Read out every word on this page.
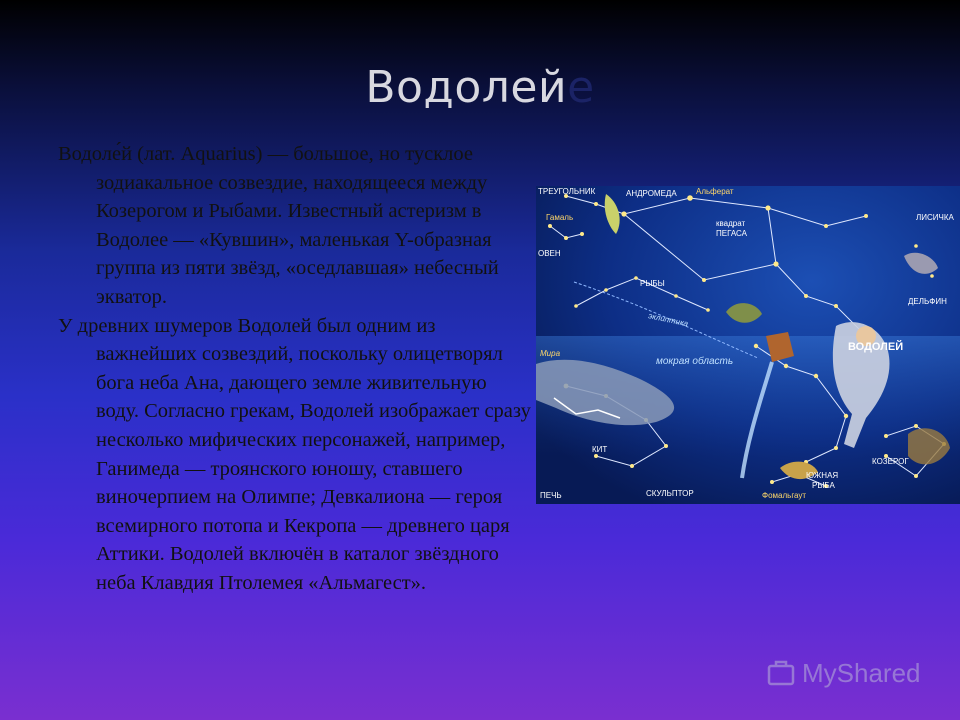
Водолейе

Водоле́й (лат. Aquarius) — большое, но тусклое зодиакальное созвездие, находящееся между Козерогом и Рыбами. Известный астеризм в Водолее — «Кувшин», маленькая Y-образная группа из пяти звёзд, «оседлавшая» небесный экватор.

У древних шумеров Водолей был одним из важнейших созвездий, поскольку олицетворял бога неба Ана, дающего земле живительную воду. Согласно грекам, Водолей изображает сразу несколько мифических персонажей, например, Ганимеда — троянского юношу, ставшего виночерпием на Олимпе; Девкалиона — героя всемирного потопа и Кекропа — древнего царя Аттики. Водолей включён в каталог звёздного неба Клавдия Птолемея «Альмагест».

ТРЕУГОЛЬНИК	АНДРОМЕДА Альферат
Гамаль
квадрат
ПЕГАСА
ЛИСИЧКА
ОВЕН
РЫБЫ
ДЕЛЬФИН
эклиптика
ВОДОЛЕЙ
Мира
мокрая область
КИТ
КОЗЕРОГ
ЮЖНАЯ
РЫБА
ПЕЧЬ	СКУЛЬПТОР	Фомальгаут
MyShared
